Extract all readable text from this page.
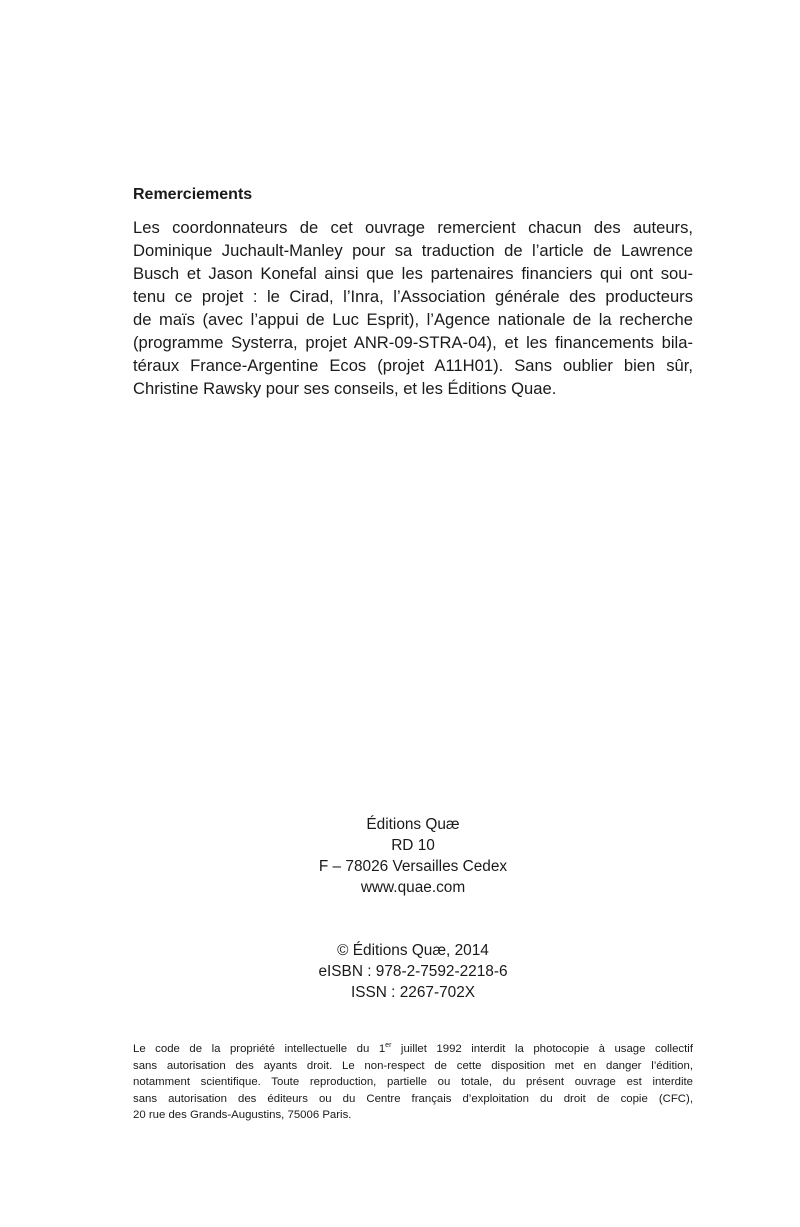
Remerciements

Les coordonnateurs de cet ouvrage remercient chacun des auteurs,
Dominique Juchault-Manley pour sa traduction de l’article de Lawrence
Busch et Jason Konefal ainsi que les partenaires financiers qui ont sou-
tenu ce projet : le Cirad, l’Inra, l’Association générale des producteurs
de maïs (avec l’appui de Luc Esprit), l’Agence nationale de la recherche
(programme Systerra, projet ANR-09-STRA-04), et les financements bila-
téraux France-Argentine Ecos (projet A11H01). Sans oublier bien sûr,
Christine Rawsky pour ses conseils, et les Éditions Quae.

Éditions Quæ
RD 10
F – 78026 Versailles Cedex
www.quae.com
© Éditions Quæ, 2014
eISBN : 978-2-7592-2218-6
ISSN : 2267-702X
Le code de la propriété intellectuelle du 1er juillet 1992 interdit la photocopie à usage collectif
sans autorisation des ayants droit. Le non-respect de cette disposition met en danger l’édition,
notamment scientifique. Toute reproduction, partielle ou totale, du présent ouvrage est interdite
sans autorisation des éditeurs ou du Centre français d’exploitation du droit de copie (CFC),
20 rue des Grands-Augustins, 75006 Paris.
